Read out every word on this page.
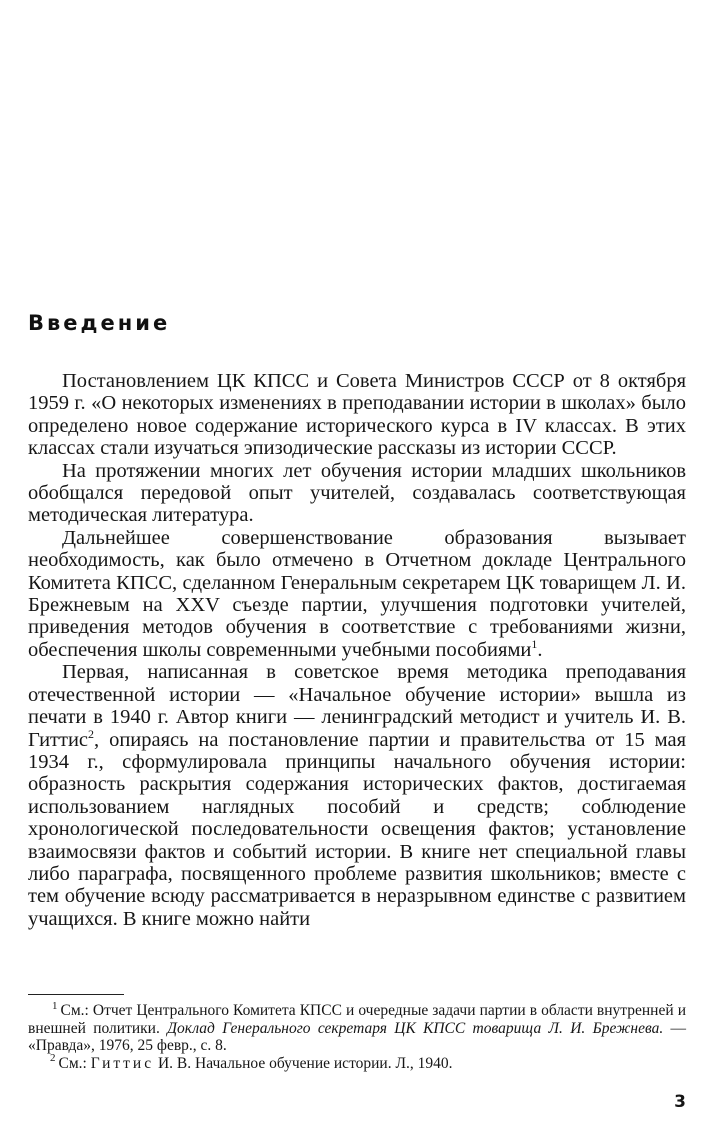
Введение

Постановлением ЦК КПСС и Совета Министров СССР от 8 октября 1959 г. «О некоторых изменениях в преподавании истории в школах» было определено новое содержание исторического курса в IV классах. В этих классах стали изучаться эпизодические рассказы из истории СССР.

На протяжении многих лет обучения истории младших школьников обобщался передовой опыт учителей, создавалась соответствующая методическая литература.

Дальнейшее совершенствование образования вызывает необходимость, как было отмечено в Отчетном докладе Центрального Комитета КПСС, сделанном Генеральным секретарем ЦК товарищем Л. И. Брежневым на XXV съезде партии, улучшения подготовки учителей, приведения методов обучения в соответствие с требованиями жизни, обеспечения школы современными учебными пособиями$^1$.

Первая, написанная в советское время методика преподавания отечественной истории — «Начальное обучение истории» вышла из печати в 1940 г. Автор книги — ленинградский методист и учитель И. В. Гиттис$^2$, опираясь на постановление партии и правительства от 15 мая 1934 г., сформулировала принципы начального обучения истории: образность раскрытия содержания исторических фактов, достигаемая использованием наглядных пособий и средств; соблюдение хронологической последовательности освещения фактов; установление взаимосвязи фактов и событий истории. В книге нет специальной главы либо параграфа, посвященного проблеме развития школьников; вместе с тем обучение всюду рассматривается в неразрывном единстве с развитием учащихся. В книге можно найти

$^1$ См.: Отчет Центрального Комитета КПСС и очередные задачи партии в области внутренней и внешней политики. Доклад Генерального секретаря ЦК КПСС товарища Л. И. Брежнева. — «Правда», 1976, 25 февр., с. 8.

$^2$ См.: Гиттис И. В. Начальное обучение истории. Л., 1940.

3
